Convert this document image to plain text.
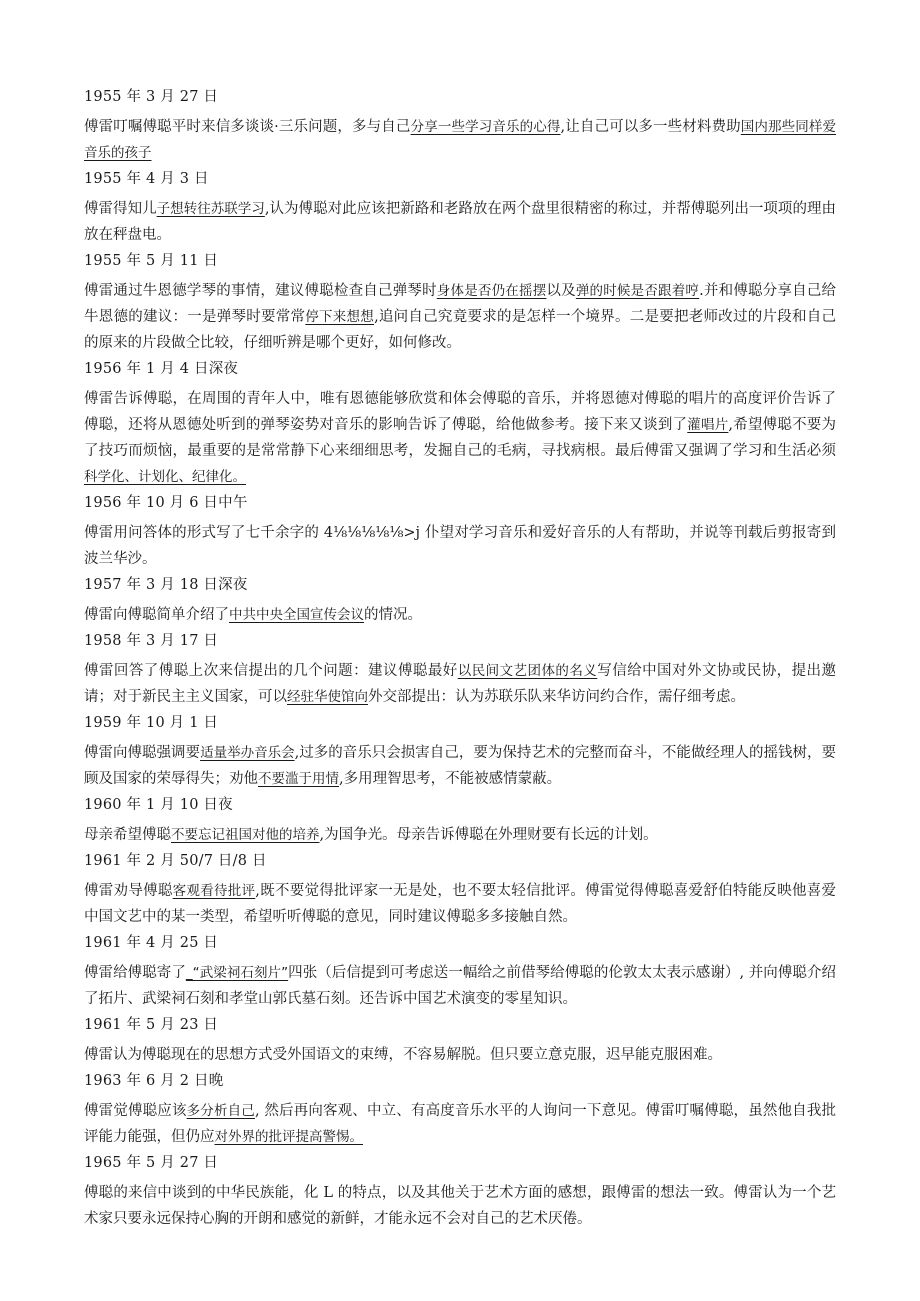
1955 年 3 月 27 日

傅雷叮嘱傅聪平时来信多谈谈·三乐问题，多与自己分享一些学习音乐的心得,让自己可以多一些材料费助国内那些同样爱音乐的孩子

1955 年 4 月 3 日

傅雷得知儿子想转往苏联学习,认为傅聪对此应该把新路和老路放在两个盘里很精密的称过，并帮傅聪列出一项项的理由放在秤盘电。

1955 年 5 月 11 日

傅雷通过牛恩德学琴的事情，建议傅聪检查自己弹琴时身体是否仍在摇摆以及弹的时候是否跟着哼.并和傅聪分享自己给牛恩德的建议：一是弹琴时要常常停下来想想,追问自己究竟要求的是怎样一个境界。二是要把老师改过的片段和自己的原来的片段做仝比较，仔细听辨是哪个更好，如何修改。

1956 年 1 月 4 日深夜

傅雷告诉傅聪，在周围的青年人中，唯有恩德能够欣赏和体会傅聪的音乐，并将恩德对傅聪的唱片的高度评价告诉了傅聪，还将从恩德处听到的弹琴姿势对音乐的影响告诉了傅聪，给他做参考。接下来又谈到了灌唱片,希望傅聪不要为了技巧而烦恼，最重要的是常常静下心来细细思考，发掘自己的毛病，寻找病根。最后傅雷又强调了学习和生活必须科学化、计划化、纪律化。

1956 年 10 月 6 日中午

傅雷用问答体的形式写了七千余字的 4⅛⅛⅛⅛⅛>j 仆望对学习音乐和爱好音乐的人有帮助，并说等刊载后剪报寄到波兰华沙。

1957 年 3 月 18 日深夜

傅雷向傅聪简单介绍了中共中央全国宣传会议的情况。

1958 年 3 月 17 日

傅雷回答了傅聪上次来信提出的几个问题：建议傅聪最好以民间文艺团体的名义写信给中国对外文协或民协，提出邀请；对于新民主主义国家，可以经驻华使馆向外交部提出：认为苏联乐队来华访问约合作，需仔细考虑。

1959 年 10 月 1 日

傅雷向傅聪强调要适量举办音乐会,过多的音乐只会损害自己，要为保持艺术的完整而奋斗，不能做经理人的摇钱树，要顾及国家的荣辱得失；劝他不要滥于用情,多用理智思考，不能被感情蒙蔽。

1960 年 1 月 10 日夜

母亲希望傅聪不要忘记祖国对他的培养,为国争光。母亲告诉傅聪在外理财要有长远的计划。

1961 年 2 月 50/7 日/8 日

傅雷劝导傅聪客观看待批评,既不要觉得批评家一无是处，也不要太轻信批评。傅雷觉得傅聪喜爱舒伯特能反映他喜爱中国文艺中的某一类型，希望听听傅聪的意见，同时建议傅聪多多接触自然。

1961 年 4 月 25 日

傅雷给傅聪寄了_“武梁祠石刻片”四张（后信提到可考虑送一幅给之前借琴给傅聪的伦敦太太表示感谢）, 并向傅聪介绍了拓片、武梁祠石刻和孝堂山郭氏墓石刻。还告诉中国艺术演变的零星知识。

1961 年 5 月 23 日

傅雷认为傅聪现在的思想方式受外国语文的束缚，不容易解脱。但只要立意克服，迟早能克服困难。

1963 年 6 月 2 日晚

傅雷觉傅聪应该多分析自己, 然后再向客观、中立、有高度音乐水平的人询问一下意见。傅雷叮嘱傅聪，虽然他自我批评能力能强，但仍应对外界的批评提高警惕。

1965 年 5 月 27 日

傅聪的来信中谈到的中华民族能，化 L 的特点，以及其他关于艺术方面的感想，跟傅雷的想法一致。傅雷认为一个艺术家只要永远保持心胸的开朗和感觉的新鲜，才能永远不会对自己的艺术厌倦。
